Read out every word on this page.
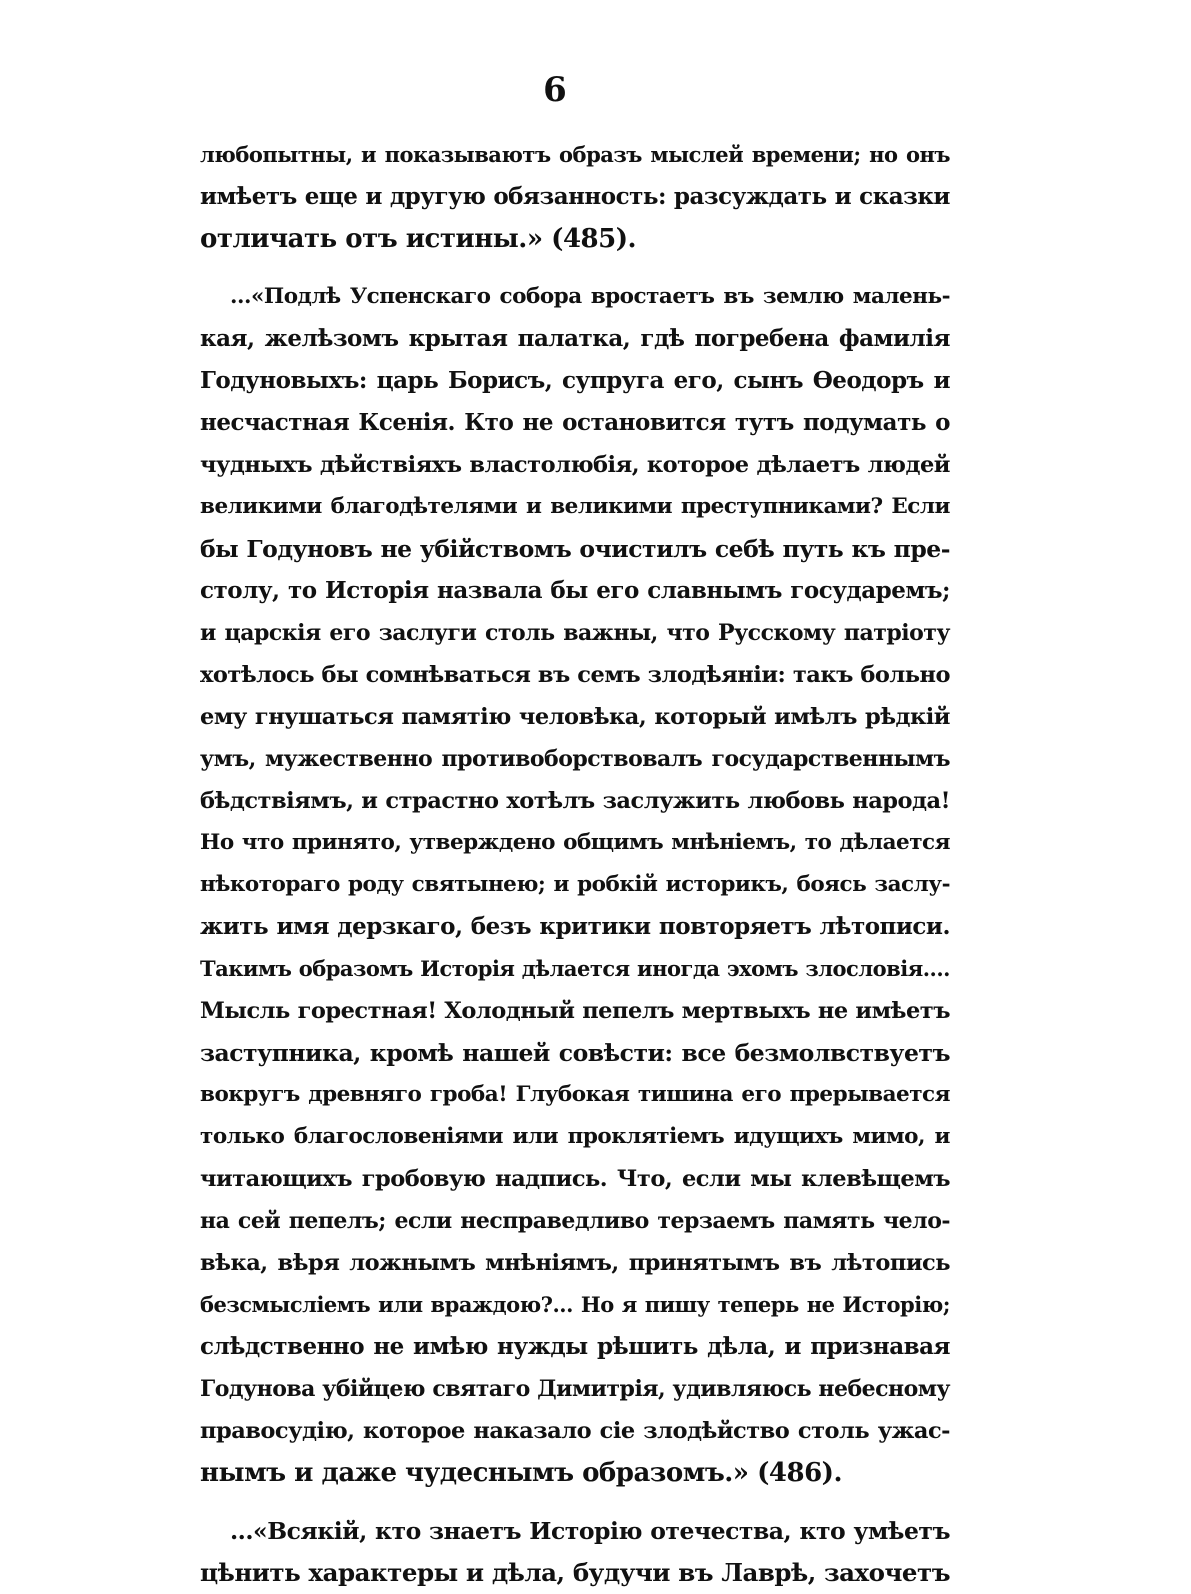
6
любопытны, и показываютъ образъ мыслей времени; но онъ
имѣетъ еще и другую обязанность: разсуждать и сказки
отличать отъ истины.» (485).
...«Подлѣ Успенскаго собора вростаетъ въ землю малень-
кая, желѣзомъ крытая палатка, гдѣ погребена фамилія
Годуновыхъ: царь Борисъ, супруга его, сынъ Ѳеодоръ и
несчастная Ксенія. Кто не остановится тутъ подумать о
чудныхъ дѣйствіяхъ властолюбія, которое дѣлаетъ людей
великими благодѣтелями и великими преступниками? Если
бы Годуновъ не убійствомъ очистилъ себѣ путь къ пре-
столу, то Исторія назвала бы его славнымъ государемъ;
и царскія его заслуги столь важны, что Русскому патріоту
хотѣлось бы сомнѣваться въ семъ злодѣяніи: такъ больно
ему гнушаться памятію человѣка, который имѣлъ рѣдкій
умъ, мужественно противоборствовалъ государственнымъ
бѣдствіямъ, и страстно хотѣлъ заслужить любовь народа!
Но что принято, утверждено общимъ мнѣніемъ, то дѣлается
нѣкотораго роду святынею; и робкій историкъ, боясь заслу-
жить имя дерзкаго, безъ критики повторяетъ лѣтописи.
Такимъ образомъ Исторія дѣлается иногда эхомъ злословія....
Мысль горестная! Холодный пепелъ мертвыхъ не имѣетъ
заступника, кромѣ нашей совѣсти: все безмолвствуетъ
вокругъ древняго гроба! Глубокая тишина его прерывается
только благословеніями или проклятіемъ идущихъ мимо, и
читающихъ гробовую надпись. Что, если мы клевѣщемъ
на сей пепелъ; если несправедливо терзаемъ память чело-
вѣка, вѣря ложнымъ мнѣніямъ, принятымъ въ лѣтопись
безсмысліемъ или враждою?... Но я пишу теперь не Исторію;
слѣдственно не имѣю нужды рѣшить дѣла, и признавая
Годунова убійцею святаго Димитрія, удивляюсь небесному
правосудію, которое наказало сіе злодѣйство столь ужас-
нымъ и даже чудеснымъ образомъ.» (486).
...«Всякій, кто знаетъ Исторію отечества, кто умѣетъ
цѣнить характеры и дѣла, будучи въ Лаврѣ, захочетъ
